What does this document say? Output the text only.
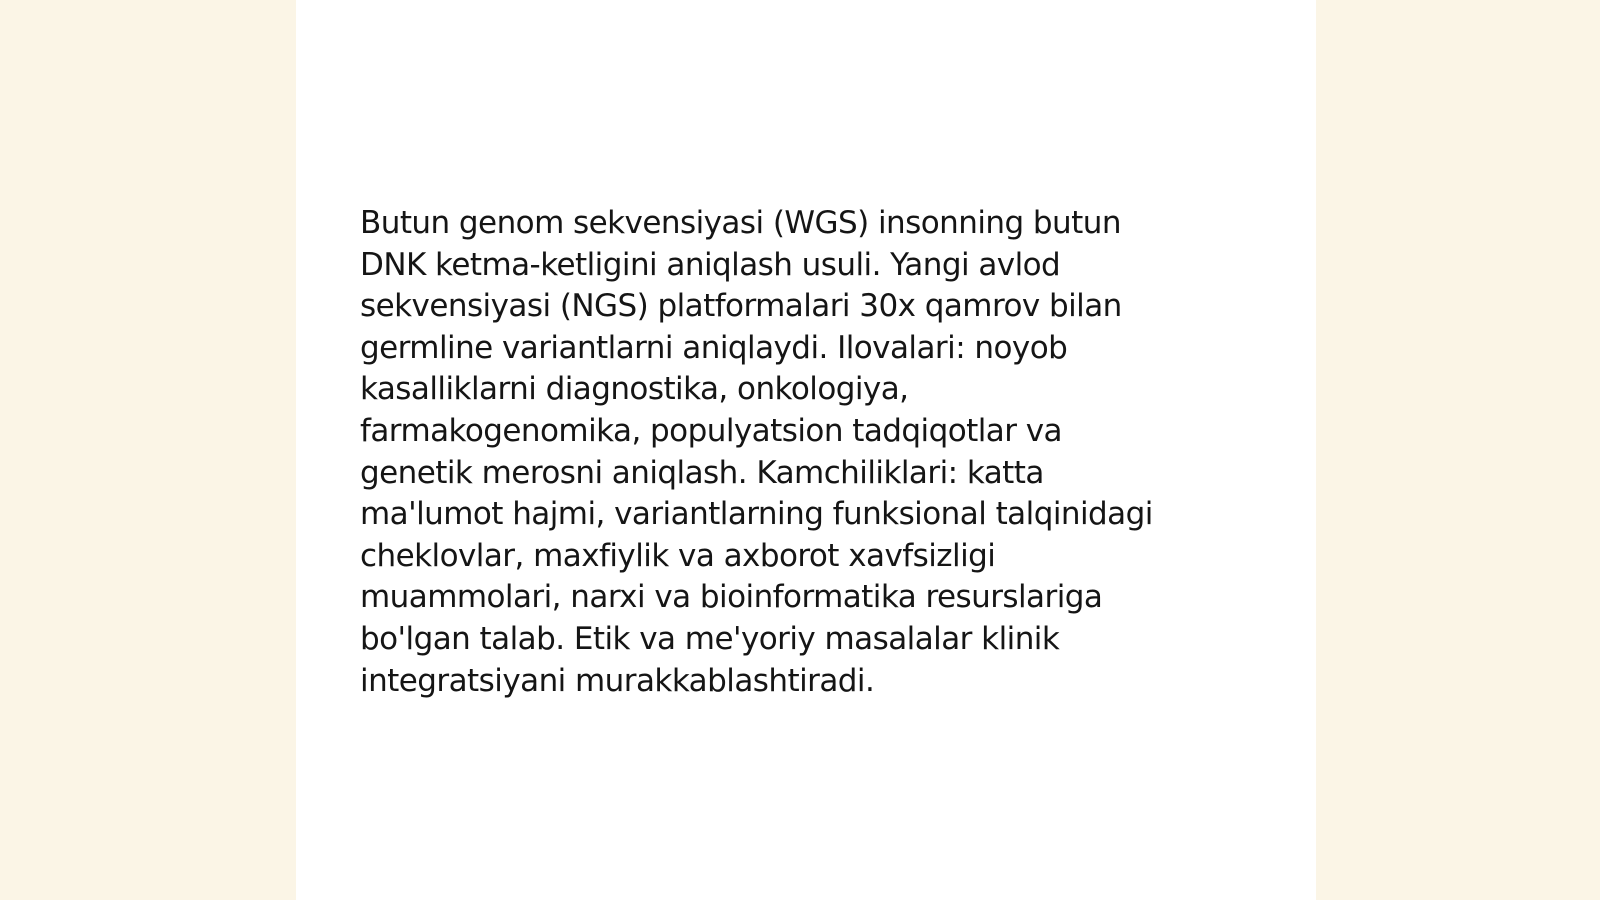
Butun genom sekvensiyasi (WGS) insonning butun
DNK ketma-ketligini aniqlash usuli. Yangi avlod
sekvensiyasi (NGS) platformalari 30x qamrov bilan
germline variantlarni aniqlaydi. Ilovalari: noyob
kasalliklarni diagnostika, onkologiya,
farmakogenomika, populyatsion tadqiqotlar va
genetik merosni aniqlash. Kamchiliklari: katta
ma'lumot hajmi, variantlarning funksional talqinidagi
cheklovlar, maxfiylik va axborot xavfsizligi
muammolari, narxi va bioinformatika resurslariga
bo'lgan talab. Etik va me'yoriy masalalar klinik
integratsiyani murakkablashtiradi.
